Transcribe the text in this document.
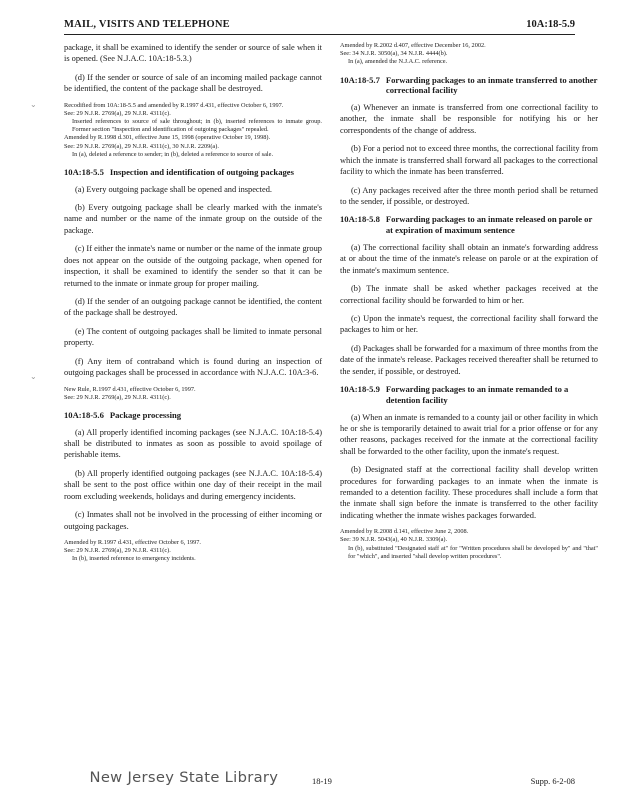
MAIL, VISITS AND TELEPHONE	10A:18-5.9
⌄
⌄

package, it shall be examined to identify the sender or source of sale when it is opened. (See N.J.A.C. 10A:18-5.3.)

(d) If the sender or source of sale of an incoming mailed package cannot be identified, the content of the package shall be destroyed.

Recodified from 10A:18-5.5 and amended by R.1997 d.431, effective October 6, 1997.
See: 29 N.J.R. 2769(a), 29 N.J.R. 4311(c).
Inserted references to source of sale throughout; in (b), inserted references to inmate group. Former section "Inspection and identification of outgoing packages" repealed.
Amended by R.1998 d.301, effective June 15, 1998 (operative October 19, 1998).
See: 29 N.J.R. 2769(a), 29 N.J.R. 4311(c), 30 N.J.R. 2209(a).
In (a), deleted a reference to sender; in (b), deleted a reference to source of sale.
10A:18-5.5 Inspection and identification of outgoing packages

(a) Every outgoing package shall be opened and inspected.

(b) Every outgoing package shall be clearly marked with the inmate's name and number or the name of the inmate group on the outside of the package.

(c) If either the inmate's name or number or the name of the inmate group does not appear on the outside of the outgoing package, when opened for inspection, it shall be examined to identify the sender so that it can be returned to the inmate or inmate group for proper mailing.

(d) If the sender of an outgoing package cannot be identified, the content of the package shall be destroyed.

(e) The content of outgoing packages shall be limited to inmate personal property.

(f) Any item of contraband which is found during an inspection of outgoing packages shall be processed in accordance with N.J.A.C. 10A:3-6.

New Rule, R.1997 d.431, effective October 6, 1997.
See: 29 N.J.R. 2769(a), 29 N.J.R. 4311(c).
10A:18-5.6 Package processing

(a) All properly identified incoming packages (see N.J.A.C. 10A:18-5.4) shall be distributed to inmates as soon as possible to avoid spoilage of perishable items.

(b) All properly identified outgoing packages (see N.J.A.C. 10A:18-5.4) shall be sent to the post office within one day of their receipt in the mail room excluding weekends, holidays and during emergency incidents.

(c) Inmates shall not be involved in the processing of either incoming or outgoing packages.

Amended by R.1997 d.431, effective October 6, 1997.
See: 29 N.J.R. 2769(a), 29 N.J.R. 4311(c).
In (b), inserted reference to emergency incidents.
Amended by R.2002 d.407, effective December 16, 2002.
See: 34 N.J.R. 3050(a), 34 N.J.R. 4444(b).
In (a), amended the N.J.A.C. reference.
10A:18-5.7 Forwarding packages to an inmate transferred to another correctional facility

(a) Whenever an inmate is transferred from one correctional facility to another, the inmate shall be responsible for notifying his or her correspondents of the change of address.

(b) For a period not to exceed three months, the correctional facility from which the inmate is transferred shall forward all packages to the correctional facility to which the inmate has been transferred.

(c) Any packages received after the three month period shall be returned to the sender, if possible, or destroyed.

10A:18-5.8 Forwarding packages to an inmate released on parole or at expiration of maximum sentence

(a) The correctional facility shall obtain an inmate's forwarding address at or about the time of the inmate's release on parole or at the expiration of the inmate's maximum sentence.

(b) The inmate shall be asked whether packages received at the correctional facility should be forwarded to him or her.

(c) Upon the inmate's request, the correctional facility shall forward the packages to him or her.

(d) Packages shall be forwarded for a maximum of three months from the date of the inmate's release. Packages received thereafter shall be returned to the sender, if possible, or destroyed.

10A:18-5.9 Forwarding packages to an inmate remanded to a detention facility

(a) When an inmate is remanded to a county jail or other facility in which he or she is temporarily detained to await trial for a prior offense or for any other reasons, packages received for the inmate at the correctional facility shall be forwarded to the other facility, upon the inmate's request.

(b) Designated staff at the correctional facility shall develop written procedures for forwarding packages to an inmate when the inmate is remanded to a detention facility. These procedures shall include a form that the inmate shall sign before the inmate is transferred to the other facility indicating whether the inmate wishes packages forwarded.

Amended by R.2008 d.141, effective June 2, 2008.
See: 39 N.J.R. 5043(a), 40 N.J.R. 3309(a).
In (b), substituted "Designated staff at" for "Written procedures shall be developed by" and "that" for "which", and inserted "shall develop written procedures".
New Jersey State Library	18-19	Supp. 6-2-08
